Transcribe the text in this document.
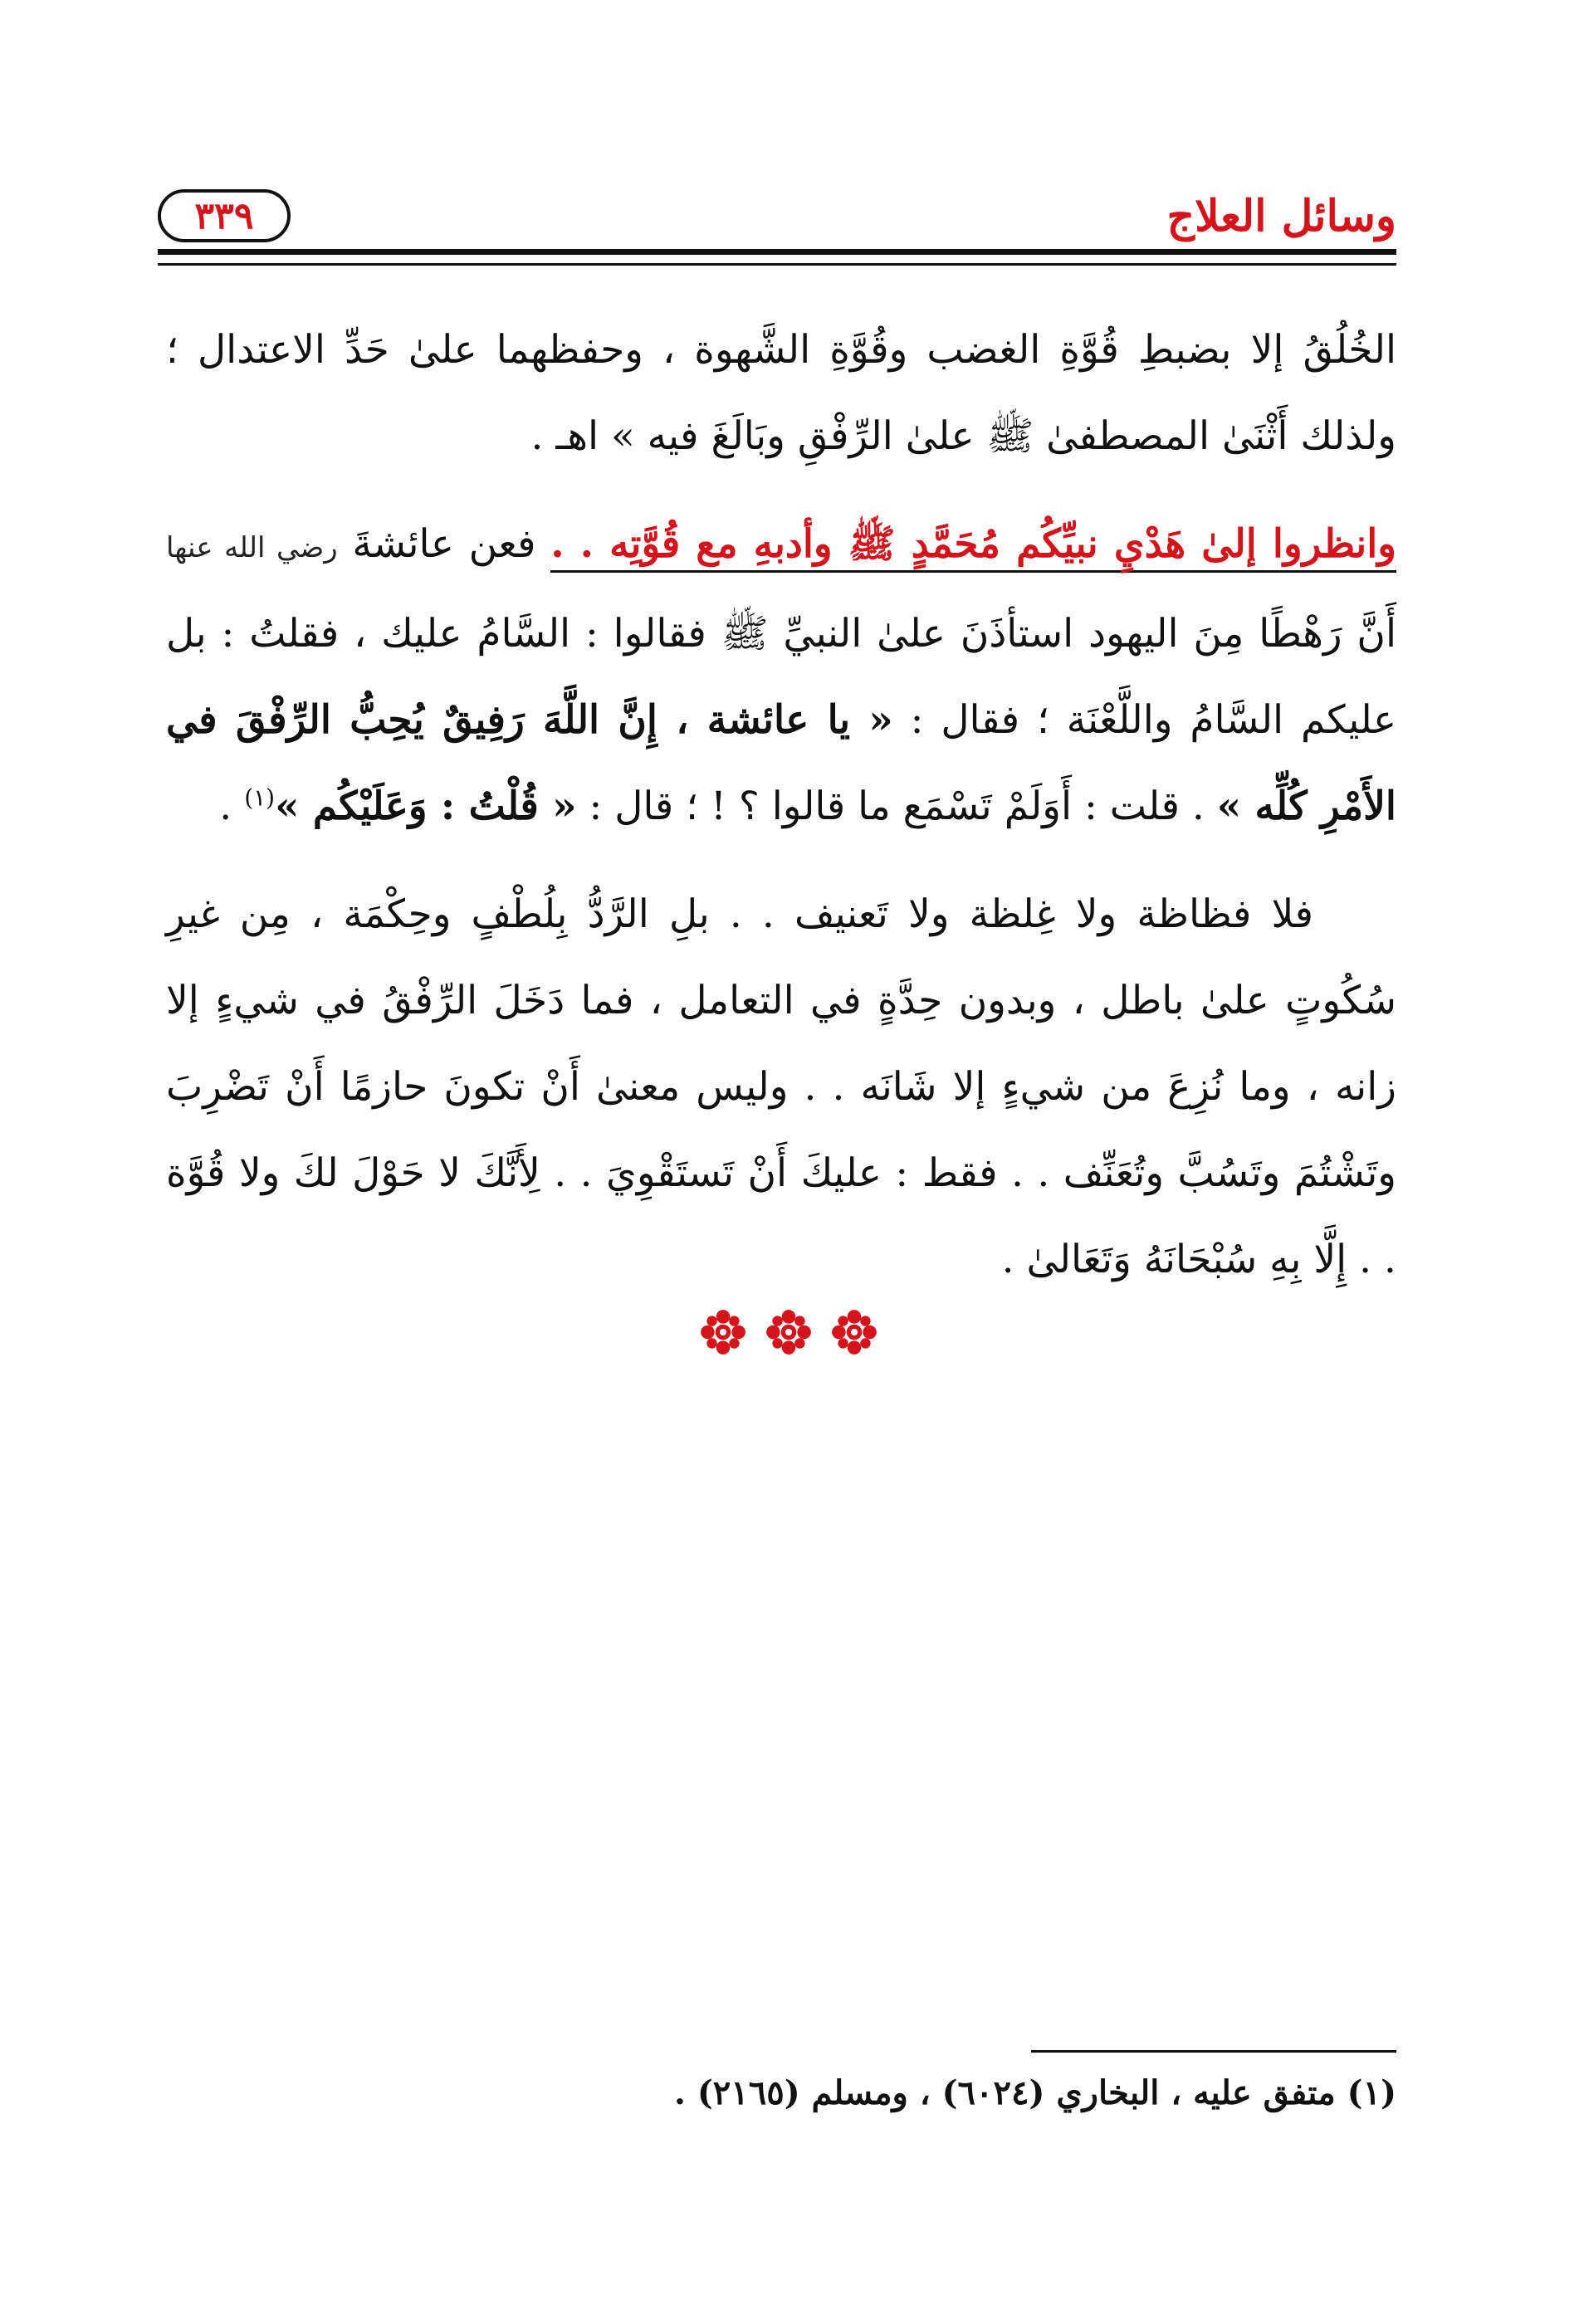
وسائل العلاج
٣٣٩

الخُلُقُ إلا بضبطِ قُوَّةِ الغضب وقُوَّةِ الشَّهوة ، وحفظهما علىٰ حَدِّ الاعتدال ؛ ولذلك أَثْنَىٰ المصطفىٰ ﷺ علىٰ الرِّفْقِ وبَالَغَ فيه » اهـ .

وانظروا إلىٰ هَدْيِ نبيِّكُم مُحَمَّدٍ ﷺ وأدبهِ مع قُوَّتِه . . فعن عائشةَ رضي الله عنها أَنَّ رَهْطًا مِنَ اليهود استأذَنَ علىٰ النبيِّ ﷺ فقالوا : السَّامُ عليك ، فقلتُ : بل عليكم السَّامُ واللَّعْنَة ؛ فقال : « يا عائشة ، إِنَّ اللَّهَ رَفِيقٌ يُحِبُّ الرِّفْقَ في الأَمْرِ كُلِّه » . قلت : أَوَلَمْ تَسْمَع ما قالوا ؟ ! ؛ قال : « قُلْتُ : وَعَلَيْكُم »$^{(١)}$ .

فلا فظاظة ولا غِلظة ولا تَعنيف . . بلِ الرَّدُّ بِلُطْفٍ وحِكْمَة ، مِن غيرِ سُكُوتٍ علىٰ باطل ، وبدون حِدَّةٍ في التعامل ، فما دَخَلَ الرِّفْقُ في شيءٍ إلا زانه ، وما نُزِعَ من شيءٍ إلا شَانَه . . وليس معنىٰ أَنْ تكونَ حازمًا أَنْ تَضْرِبَ وتَشْتُمَ وتَسُبَّ وتُعَنِّف . . فقط : عليكَ أَنْ تَستَقْوِيَ . . لِأَنَّكَ لا حَوْلَ لكَ ولا قُوَّة . . إِلَّا بِهِ سُبْحَانَهُ وَتَعَالىٰ .

(١) متفق عليه ، البخاري (٦٠٢٤) ، ومسلم (٢١٦٥) .
